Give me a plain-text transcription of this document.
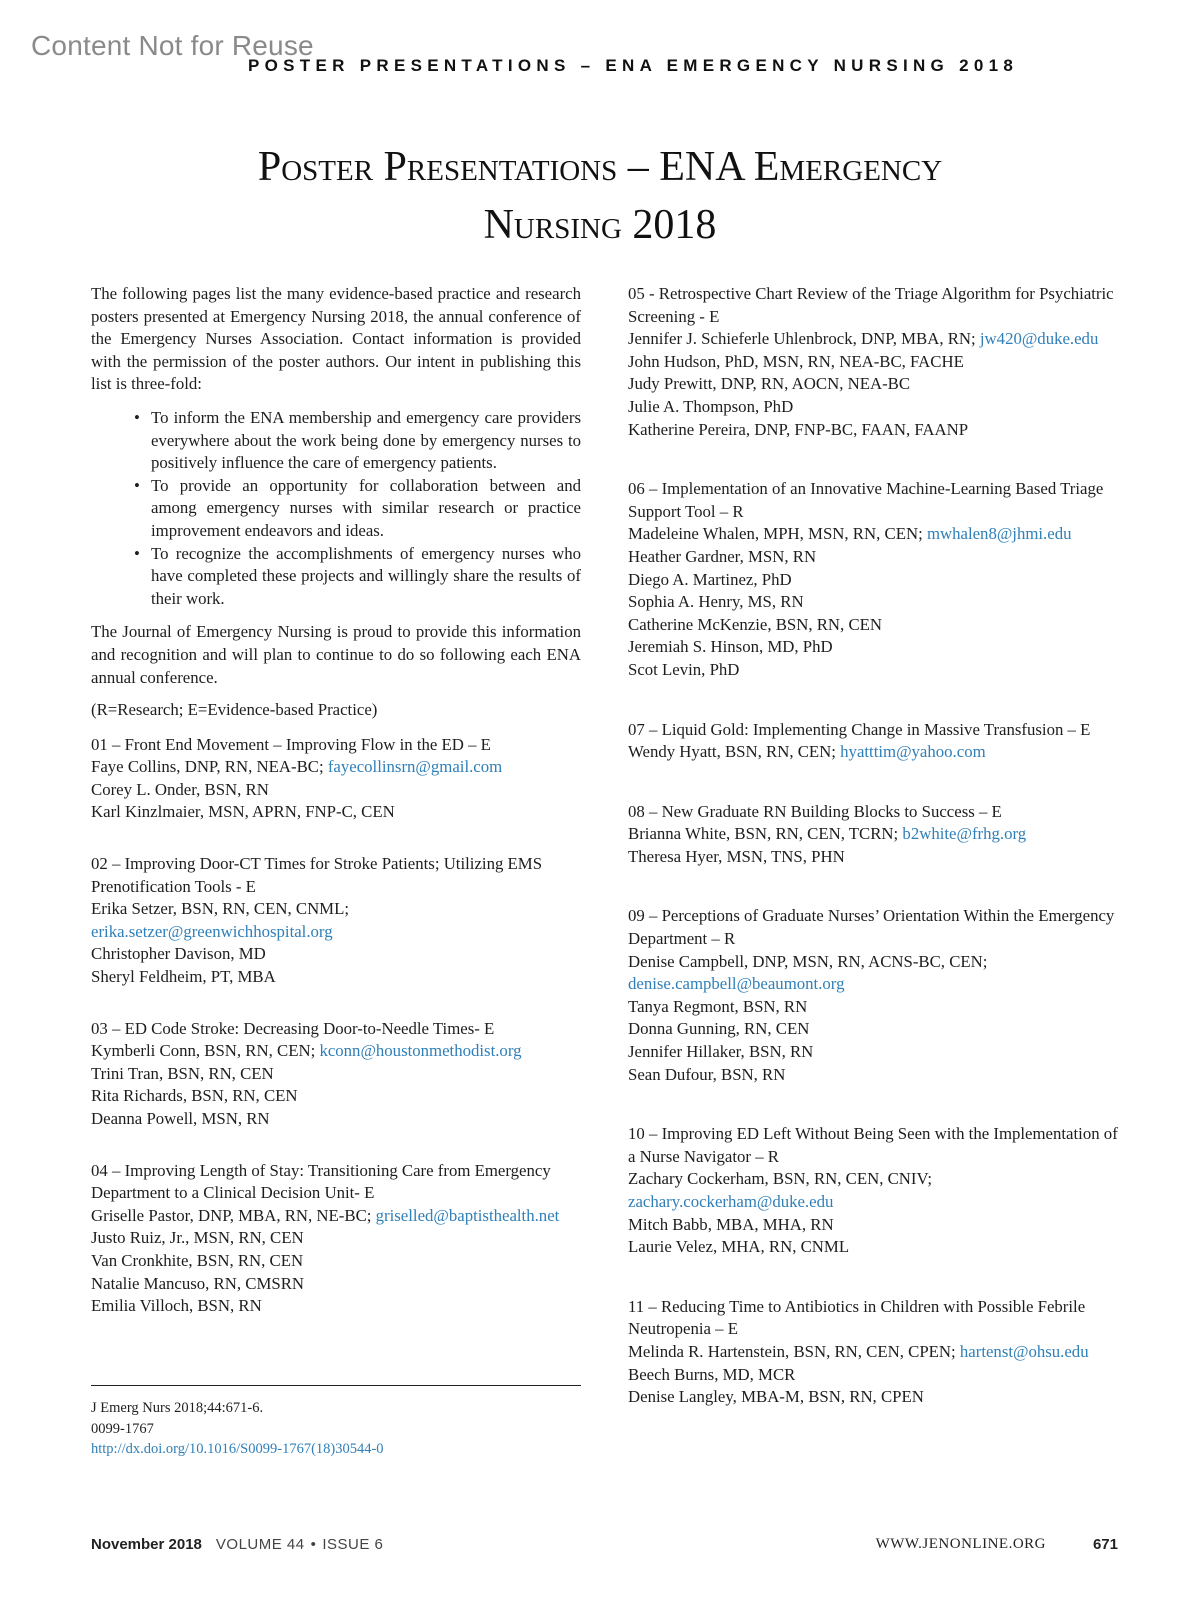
Content Not for Reuse
POSTER PRESENTATIONS – ENA EMERGENCY NURSING 2018
Poster Presentations – ENA Emergency
Nursing 2018

The following pages list the many evidence-based practice and research posters presented at Emergency Nursing 2018, the annual conference of the Emergency Nurses Association. Contact information is provided with the permission of the poster authors. Our intent in publishing this list is three-fold:

• To inform the ENA membership and emergency care providers everywhere about the work being done by emergency nurses to positively influence the care of emergency patients.
• To provide an opportunity for collaboration between and among emergency nurses with similar research or practice improvement endeavors and ideas.
• To recognize the accomplishments of emergency nurses who have completed these projects and willingly share the results of their work.

The Journal of Emergency Nursing is proud to provide this information and recognition and will plan to continue to do so following each ENA annual conference.

(R=Research; E=Evidence-based Practice)
01 – Front End Movement – Improving Flow in the ED – E
Faye Collins, DNP, RN, NEA-BC; fayecollinsrn@gmail.com
Corey L. Onder, BSN, RN
Karl Kinzlmaier, MSN, APRN, FNP-C, CEN
02 – Improving Door-CT Times for Stroke Patients; Utilizing EMS Prenotification Tools - E
Erika Setzer, BSN, RN, CEN, CNML;
erika.setzer@greenwichhospital.org
Christopher Davison, MD
Sheryl Feldheim, PT, MBA
03 – ED Code Stroke: Decreasing Door-to-Needle Times- E
Kymberli Conn, BSN, RN, CEN; kconn@houstonmethodist.org
Trini Tran, BSN, RN, CEN
Rita Richards, BSN, RN, CEN
Deanna Powell, MSN, RN
04 – Improving Length of Stay: Transitioning Care from Emergency Department to a Clinical Decision Unit- E
Griselle Pastor, DNP, MBA, RN, NE-BC; griselled@baptisthealth.net
Justo Ruiz, Jr., MSN, RN, CEN
Van Cronkhite, BSN, RN, CEN
Natalie Mancuso, RN, CMSRN
Emilia Villoch, BSN, RN
05 - Retrospective Chart Review of the Triage Algorithm for Psychiatric Screening - E
Jennifer J. Schieferle Uhlenbrock, DNP, MBA, RN; jw420@duke.edu
John Hudson, PhD, MSN, RN, NEA-BC, FACHE
Judy Prewitt, DNP, RN, AOCN, NEA-BC
Julie A. Thompson, PhD
Katherine Pereira, DNP, FNP-BC, FAAN, FAANP
06 – Implementation of an Innovative Machine-Learning Based Triage Support Tool – R
Madeleine Whalen, MPH, MSN, RN, CEN; mwhalen8@jhmi.edu
Heather Gardner, MSN, RN
Diego A. Martinez, PhD
Sophia A. Henry, MS, RN
Catherine McKenzie, BSN, RN, CEN
Jeremiah S. Hinson, MD, PhD
Scot Levin, PhD
07 – Liquid Gold: Implementing Change in Massive Transfusion – E
Wendy Hyatt, BSN, RN, CEN; hyatttim@yahoo.com
08 – New Graduate RN Building Blocks to Success – E
Brianna White, BSN, RN, CEN, TCRN; b2white@frhg.org
Theresa Hyer, MSN, TNS, PHN
09 – Perceptions of Graduate Nurses’ Orientation Within the Emergency Department – R
Denise Campbell, DNP, MSN, RN, ACNS-BC, CEN;
denise.campbell@beaumont.org
Tanya Regmont, BSN, RN
Donna Gunning, RN, CEN
Jennifer Hillaker, BSN, RN
Sean Dufour, BSN, RN
10 – Improving ED Left Without Being Seen with the Implementation of a Nurse Navigator – R
Zachary Cockerham, BSN, RN, CEN, CNIV;
zachary.cockerham@duke.edu
Mitch Babb, MBA, MHA, RN
Laurie Velez, MHA, RN, CNML
11 – Reducing Time to Antibiotics in Children with Possible Febrile Neutropenia – E
Melinda R. Hartenstein, BSN, RN, CEN, CPEN; hartenst@ohsu.edu
Beech Burns, MD, MCR
Denise Langley, MBA-M, BSN, RN, CPEN
J Emerg Nurs 2018;44:671-6.
0099-1767
http://dx.doi.org/10.1016/S0099-1767(18)30544-0
November 2018 VOLUME 44 • ISSUE 6	WWW.JENONLINE.ORG	671
